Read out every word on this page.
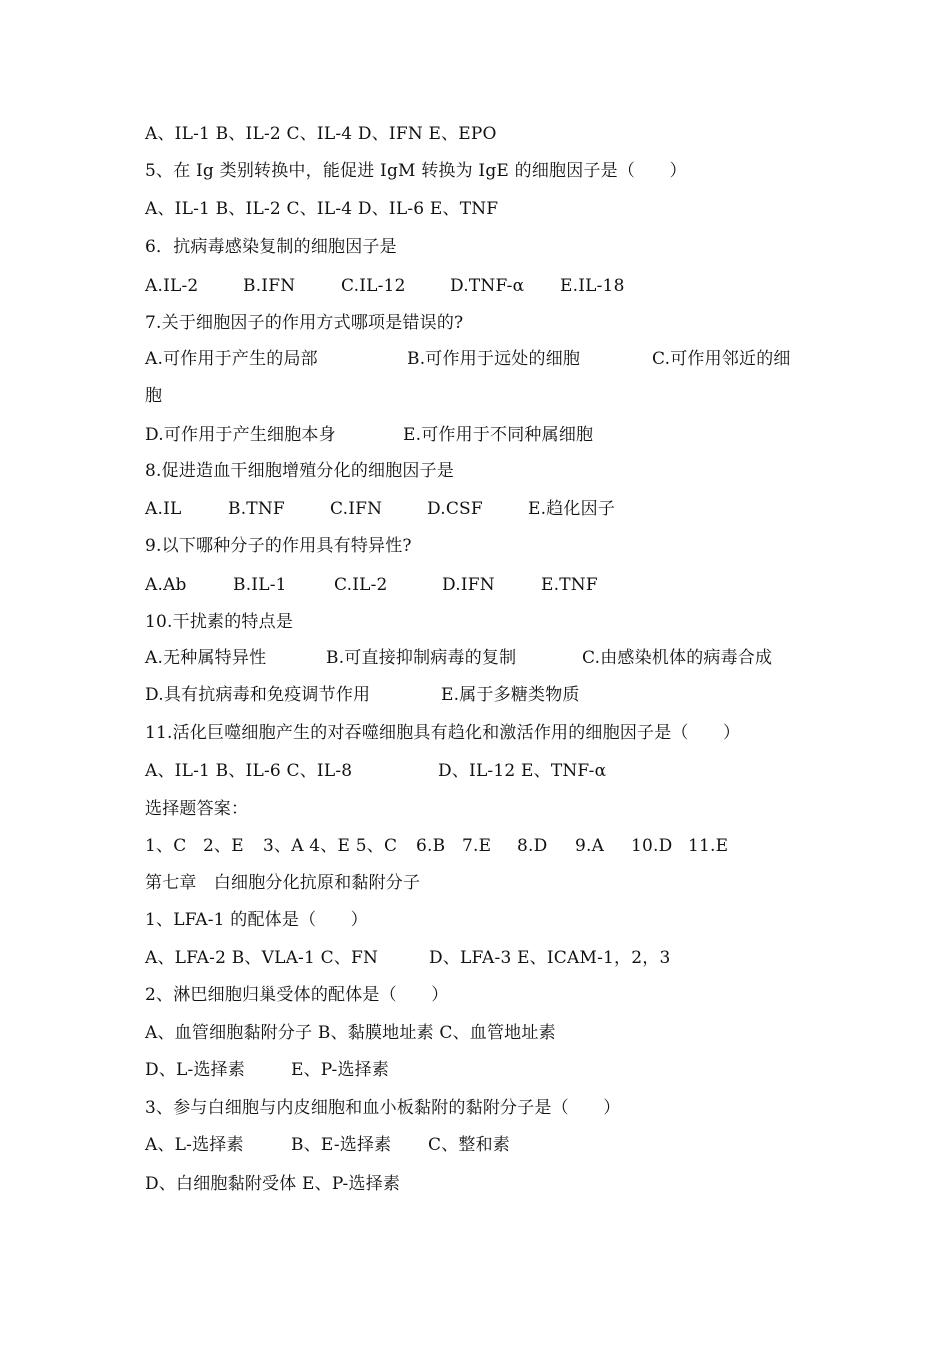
A、IL-1 B、IL-2 C、IL-4 D、IFN E、EPO
5、在 Ig 类别转换中，能促进 IgM 转换为 IgE 的细胞因子是（　　）
A、IL-1 B、IL-2 C、IL-4 D、IL-6 E、TNF
6．抗病毒感染复制的细胞因子是
A.IL-2	B.IFN	C.IL-12	D.TNF-α E.IL-18
7.关于细胞因子的作用方式哪项是错误的?
A.可作用于产生的局部	B.可作用于远处的细胞	C.可作用邻近的细
胞
D.可作用于产生细胞本身	E.可作用于不同种属细胞
8.促进造血干细胞增殖分化的细胞因子是
A.IL	B.TNF	C.IFN	D.CSF	E.趋化因子
9.以下哪种分子的作用具有特异性?
A.Ab	B.IL-1	C.IL-2	D.IFN	E.TNF
10.干扰素的特点是
A.无种属特异性	B.可直接抑制病毒的复制	C.由感染机体的病毒合成
D.具有抗病毒和免疫调节作用	E.属于多糖类物质
11.活化巨噬细胞产生的对吞噬细胞具有趋化和激活作用的细胞因子是（　　）
A、IL-1 B、IL-6 C、IL-8	D、IL-12 E、TNF-α
选择题答案：
1、C 2、E 3、A 4、E 5、C 6.B 7.E 8.D 9.A 10.D 11.E
第七章　白细胞分化抗原和黏附分子
1、LFA-1 的配体是（　　）
A、LFA-2 B、VLA-1 C、FN	D、LFA-3 E、ICAM-1，2，3
2、淋巴细胞归巢受体的配体是（　　）
A、血管细胞黏附分子 B、黏膜地址素 C、血管地址素
D、L-选择素	E、P-选择素
3、参与白细胞与内皮细胞和血小板黏附的黏附分子是（　　）
A、L-选择素	B、E-选择素 C、整和素
D、白细胞黏附受体 E、P-选择素
